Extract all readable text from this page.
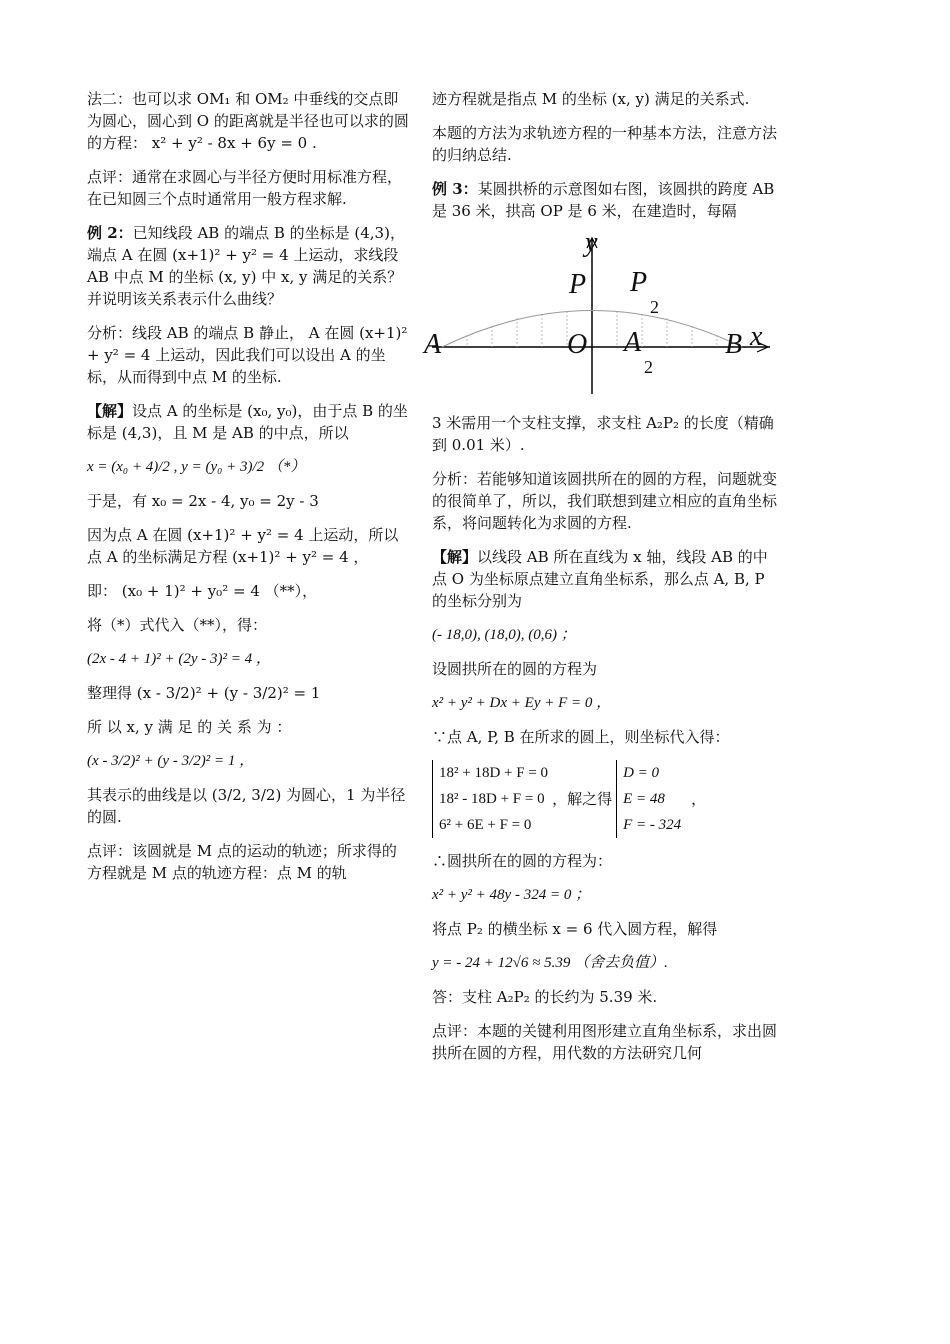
法二：也可以求 OM₁ 和 OM₂ 中垂线的交点即为圆心，圆心到 O 的距离就是半径也可以求的圆的方程： x² + y² - 8x + 6y = 0 .

点评：通常在求圆心与半径方便时用标准方程，在已知圆三个点时通常用一般方程求解.

例 2：已知线段 AB 的端点 B 的坐标是 (4,3)，端点 A 在圆 (x+1)² + y² = 4 上运动，求线段 AB 中点 M 的坐标 (x, y) 中 x, y 满足的关系？并说明该关系表示什么曲线？

分析：线段 AB 的端点 B 静止， A 在圆 (x+1)² + y² = 4 上运动，因此我们可以设出 A 的坐标，从而得到中点 M 的坐标.

【解】设点 A 的坐标是 (x₀, y₀)，由于点 B 的坐标是 (4,3)，且 M 是 AB 的中点，所以

x = (x₀ + 4)/2 , y = (y₀ + 3)/2 （*）

于是，有 x₀ = 2x - 4, y₀ = 2y - 3

因为点 A 在圆 (x+1)² + y² = 4 上运动，所以点 A 的坐标满足方程 (x+1)² + y² = 4 ，

即： (x₀ + 1)² + y₀² = 4 （**），

将（*）式代入（**），得：

(2x - 4 + 1)² + (2y - 3)² = 4 ，

整理得 (x - 3/2)² + (y - 3/2)² = 1

所 以 x, y 满 足 的 关 系 为 ：

(x - 3/2)² + (y - 3/2)² = 1 ，

其表示的曲线是以 (3/2, 3/2) 为圆心，1 为半径的圆.

点评：该圆就是 M 点的运动的轨迹；所求得的方程就是 M 点的轨迹方程：点 M 的轨

迹方程就是指点 M 的坐标 (x, y) 满足的关系式.

本题的方法为求轨迹方程的一种基本方法，注意方法的归纳总结.

例 3：某圆拱桥的示意图如右图，该圆拱的跨度 AB 是 36 米，拱高 OP 是 6 米，在建造时，每隔

y
x
P P
2
O
A	A
2
B

3 米需用一个支柱支撑，求支柱 A₂P₂ 的长度（精确到 0.01 米）.

分析：若能够知道该圆拱所在的圆的方程，问题就变的很简单了，所以，我们联想到建立相应的直角坐标系，将问题转化为求圆的方程.

【解】以线段 AB 所在直线为 x 轴，线段 AB 的中点 O 为坐标原点建立直角坐标系，那么点 A, B, P 的坐标分别为

(- 18,0), (18,0), (0,6) ；

设圆拱所在的圆的方程为

x² + y² + Dx + Ey + F = 0 ，

∵点 A, P, B 在所求的圆上，则坐标代入得：

18² + 18D + F = 0
18² - 18D + F = 0
6² + 6E + F = 0
，解之得
D = 0
E = 48
F = - 324
，

∴圆拱所在的圆的方程为：

x² + y² + 48y - 324 = 0 ；

将点 P₂ 的横坐标 x = 6 代入圆方程，解得

y = - 24 + 12√6 ≈ 5.39 （舍去负值）.

答：支柱 A₂P₂ 的长约为 5.39 米.

点评：本题的关键利用图形建立直角坐标系，求出圆拱所在圆的方程，用代数的方法研究几何
